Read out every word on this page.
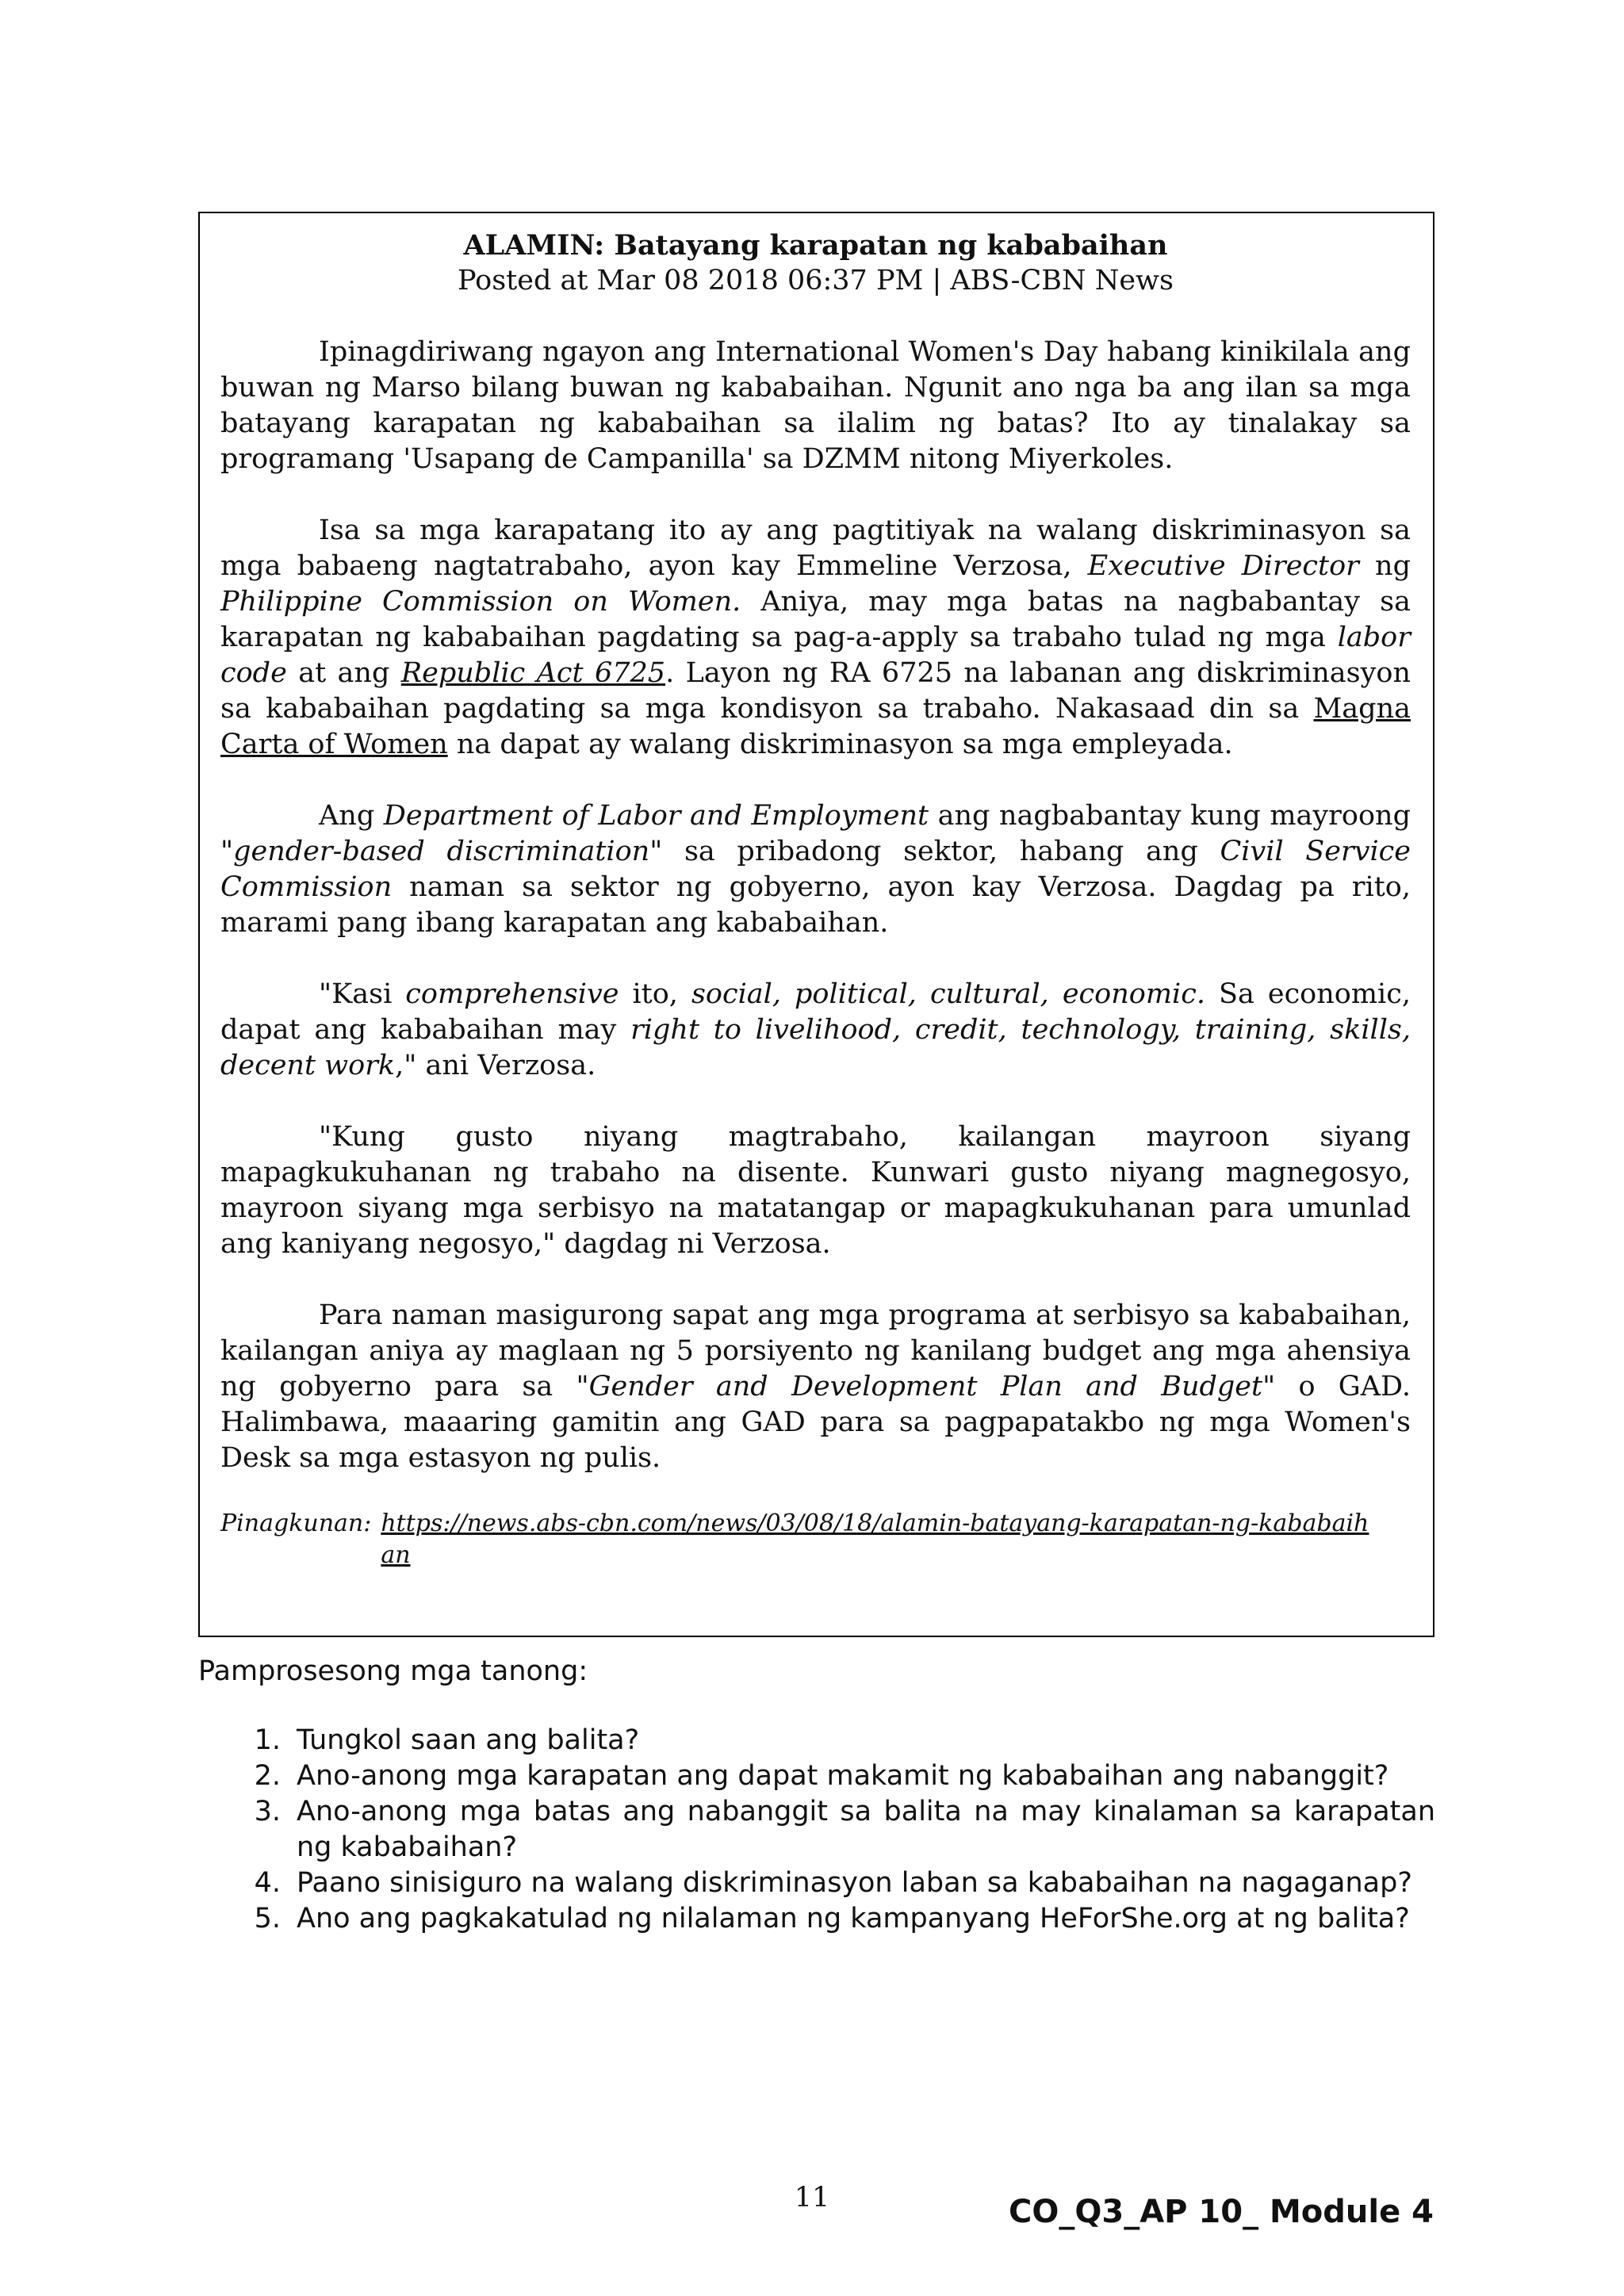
ALAMIN: Batayang karapatan ng kababaihan

Posted at Mar 08 2018 06:37 PM | ABS-CBN News

Ipinagdiriwang ngayon ang International Women's Day habang kinikilala ang buwan ng Marso bilang buwan ng kababaihan. Ngunit ano nga ba ang ilan sa mga batayang karapatan ng kababaihan sa ilalim ng batas? Ito ay tinalakay sa programang 'Usapang de Campanilla' sa DZMM nitong Miyerkoles.

Isa sa mga karapatang ito ay ang pagtitiyak na walang diskriminasyon sa mga babaeng nagtatrabaho, ayon kay Emmeline Verzosa, Executive Director ng Philippine Commission on Women. Aniya, may mga batas na nagbabantay sa karapatan ng kababaihan pagdating sa pag-a-apply sa trabaho tulad ng mga labor code at ang Republic Act 6725. Layon ng RA 6725 na labanan ang diskriminasyon sa kababaihan pagdating sa mga kondisyon sa trabaho. Nakasaad din sa Magna Carta of Women na dapat ay walang diskriminasyon sa mga empleyada.

Ang Department of Labor and Employment ang nagbabantay kung mayroong "gender-based discrimination" sa pribadong sektor, habang ang Civil Service Commission naman sa sektor ng gobyerno, ayon kay Verzosa. Dagdag pa rito, marami pang ibang karapatan ang kababaihan.

"Kasi comprehensive ito, social, political, cultural, economic. Sa economic, dapat ang kababaihan may right to livelihood, credit, technology, training, skills, decent work," ani Verzosa.

"Kung gusto niyang magtrabaho, kailangan mayroon siyang mapagkukuhanan ng trabaho na disente. Kunwari gusto niyang magnegosyo, mayroon siyang mga serbisyo na matatangap or mapagkukuhanan para umunlad ang kaniyang negosyo," dagdag ni Verzosa.

Para naman masigurong sapat ang mga programa at serbisyo sa kababaihan, kailangan aniya ay maglaan ng 5 porsiyento ng kanilang budget ang mga ahensiya ng gobyerno para sa "Gender and Development Plan and Budget" o GAD. Halimbawa, maaaring gamitin ang GAD para sa pagpapatakbo ng mga Women's Desk sa mga estasyon ng pulis.

Pinagkunan: https://news.abs-cbn.com/news/03/08/18/alamin-batayang-karapatan-ng-kababaihan

Pamprosesong mga tanong:

1. Tungkol saan ang balita?
2. Ano-anong mga karapatan ang dapat makamit ng kababaihan ang nabanggit?
3. Ano-anong mga batas ang nabanggit sa balita na may kinalaman sa karapatan ng kababaihan?
4. Paano sinisiguro na walang diskriminasyon laban sa kababaihan na nagaganap?
5. Ano ang pagkakatulad ng nilalaman ng kampanyang HeForShe.org at ng balita?
11	CO_Q3_AP 10_ Module 4
